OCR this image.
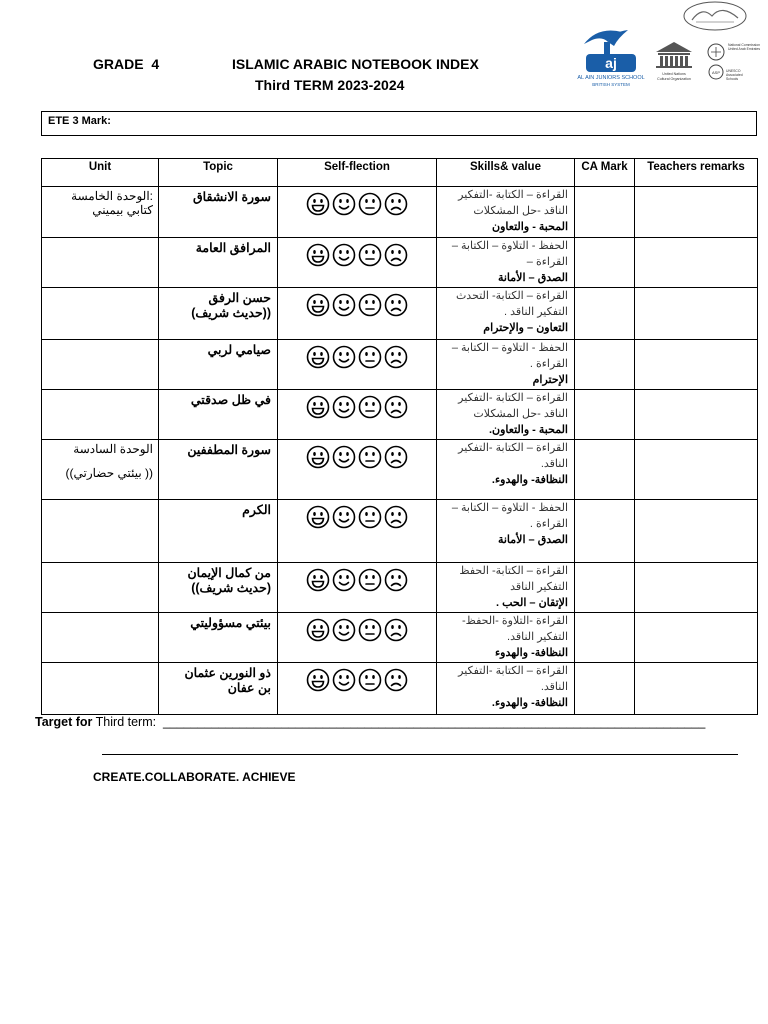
GRADE  4	ISLAMIC ARABIC NOTEBOOK INDEX
Third TERM 2023-2024
aj
AL AIN JUNIORS SCHOOL
BRITISH SYSTEM
United Nations
Cultural Organization
National Commission
United Arab Emirates
ASP UNESCO
Associated
Schools
ETE 3 Mark:
Unit	Topic	Self-flection	Skills& value	CA Mark	Teachers remarks

:الوحدة الخامسة
كتابي بيميني	سورة الانشقاق		القراءة – الكتابة -التفكير
الناقد -حل المشكلات
المحبة - والتعاون		

	المرافق العامة		الحفظ - التلاوة – الكتابة –
القراءة –
الصدق – الأمانة		

	حسن الرفق
((حديث شريف)		القراءة – الكتابة- التحدث
التفكير الناقد .
التعاون – والإحترام		

	صيامي لربي		الحفظ - التلاوة – الكتابة –
القراءة .
الإحترام		

	في ظل صدقتي		القراءة – الكتابة -التفكير
الناقد -حل المشكلات
المحبة - والتعاون.		

الوحدة السادسة
(( بيئتي حضارتي))	سورة المطففين		القراءة – الكتابة -التفكير
الناقد.
النظافة- والهدوء.		

	الكرم		الحفظ - التلاوة – الكتابة –
القراءة .
الصدق – الأمانة		

	من كمال الإيمان
(حديث شريف))		القراءة – الكتابة- الحفظ
التفكير الناقد
الإتقان – الحب .		

	بيئتي مسؤوليتي		القراءة -التلاوة -الحفظ-
التفكير الناقد.
النظافة- والهدوء		

	ذو النورين عثمان
بن عفان		القراءة – الكتابة -التفكير
الناقد.
النظافة- والهدوء.		

Target for Third term:  ______________________________________________________________________________
CREATE.COLLABORATE. ACHIEVE
